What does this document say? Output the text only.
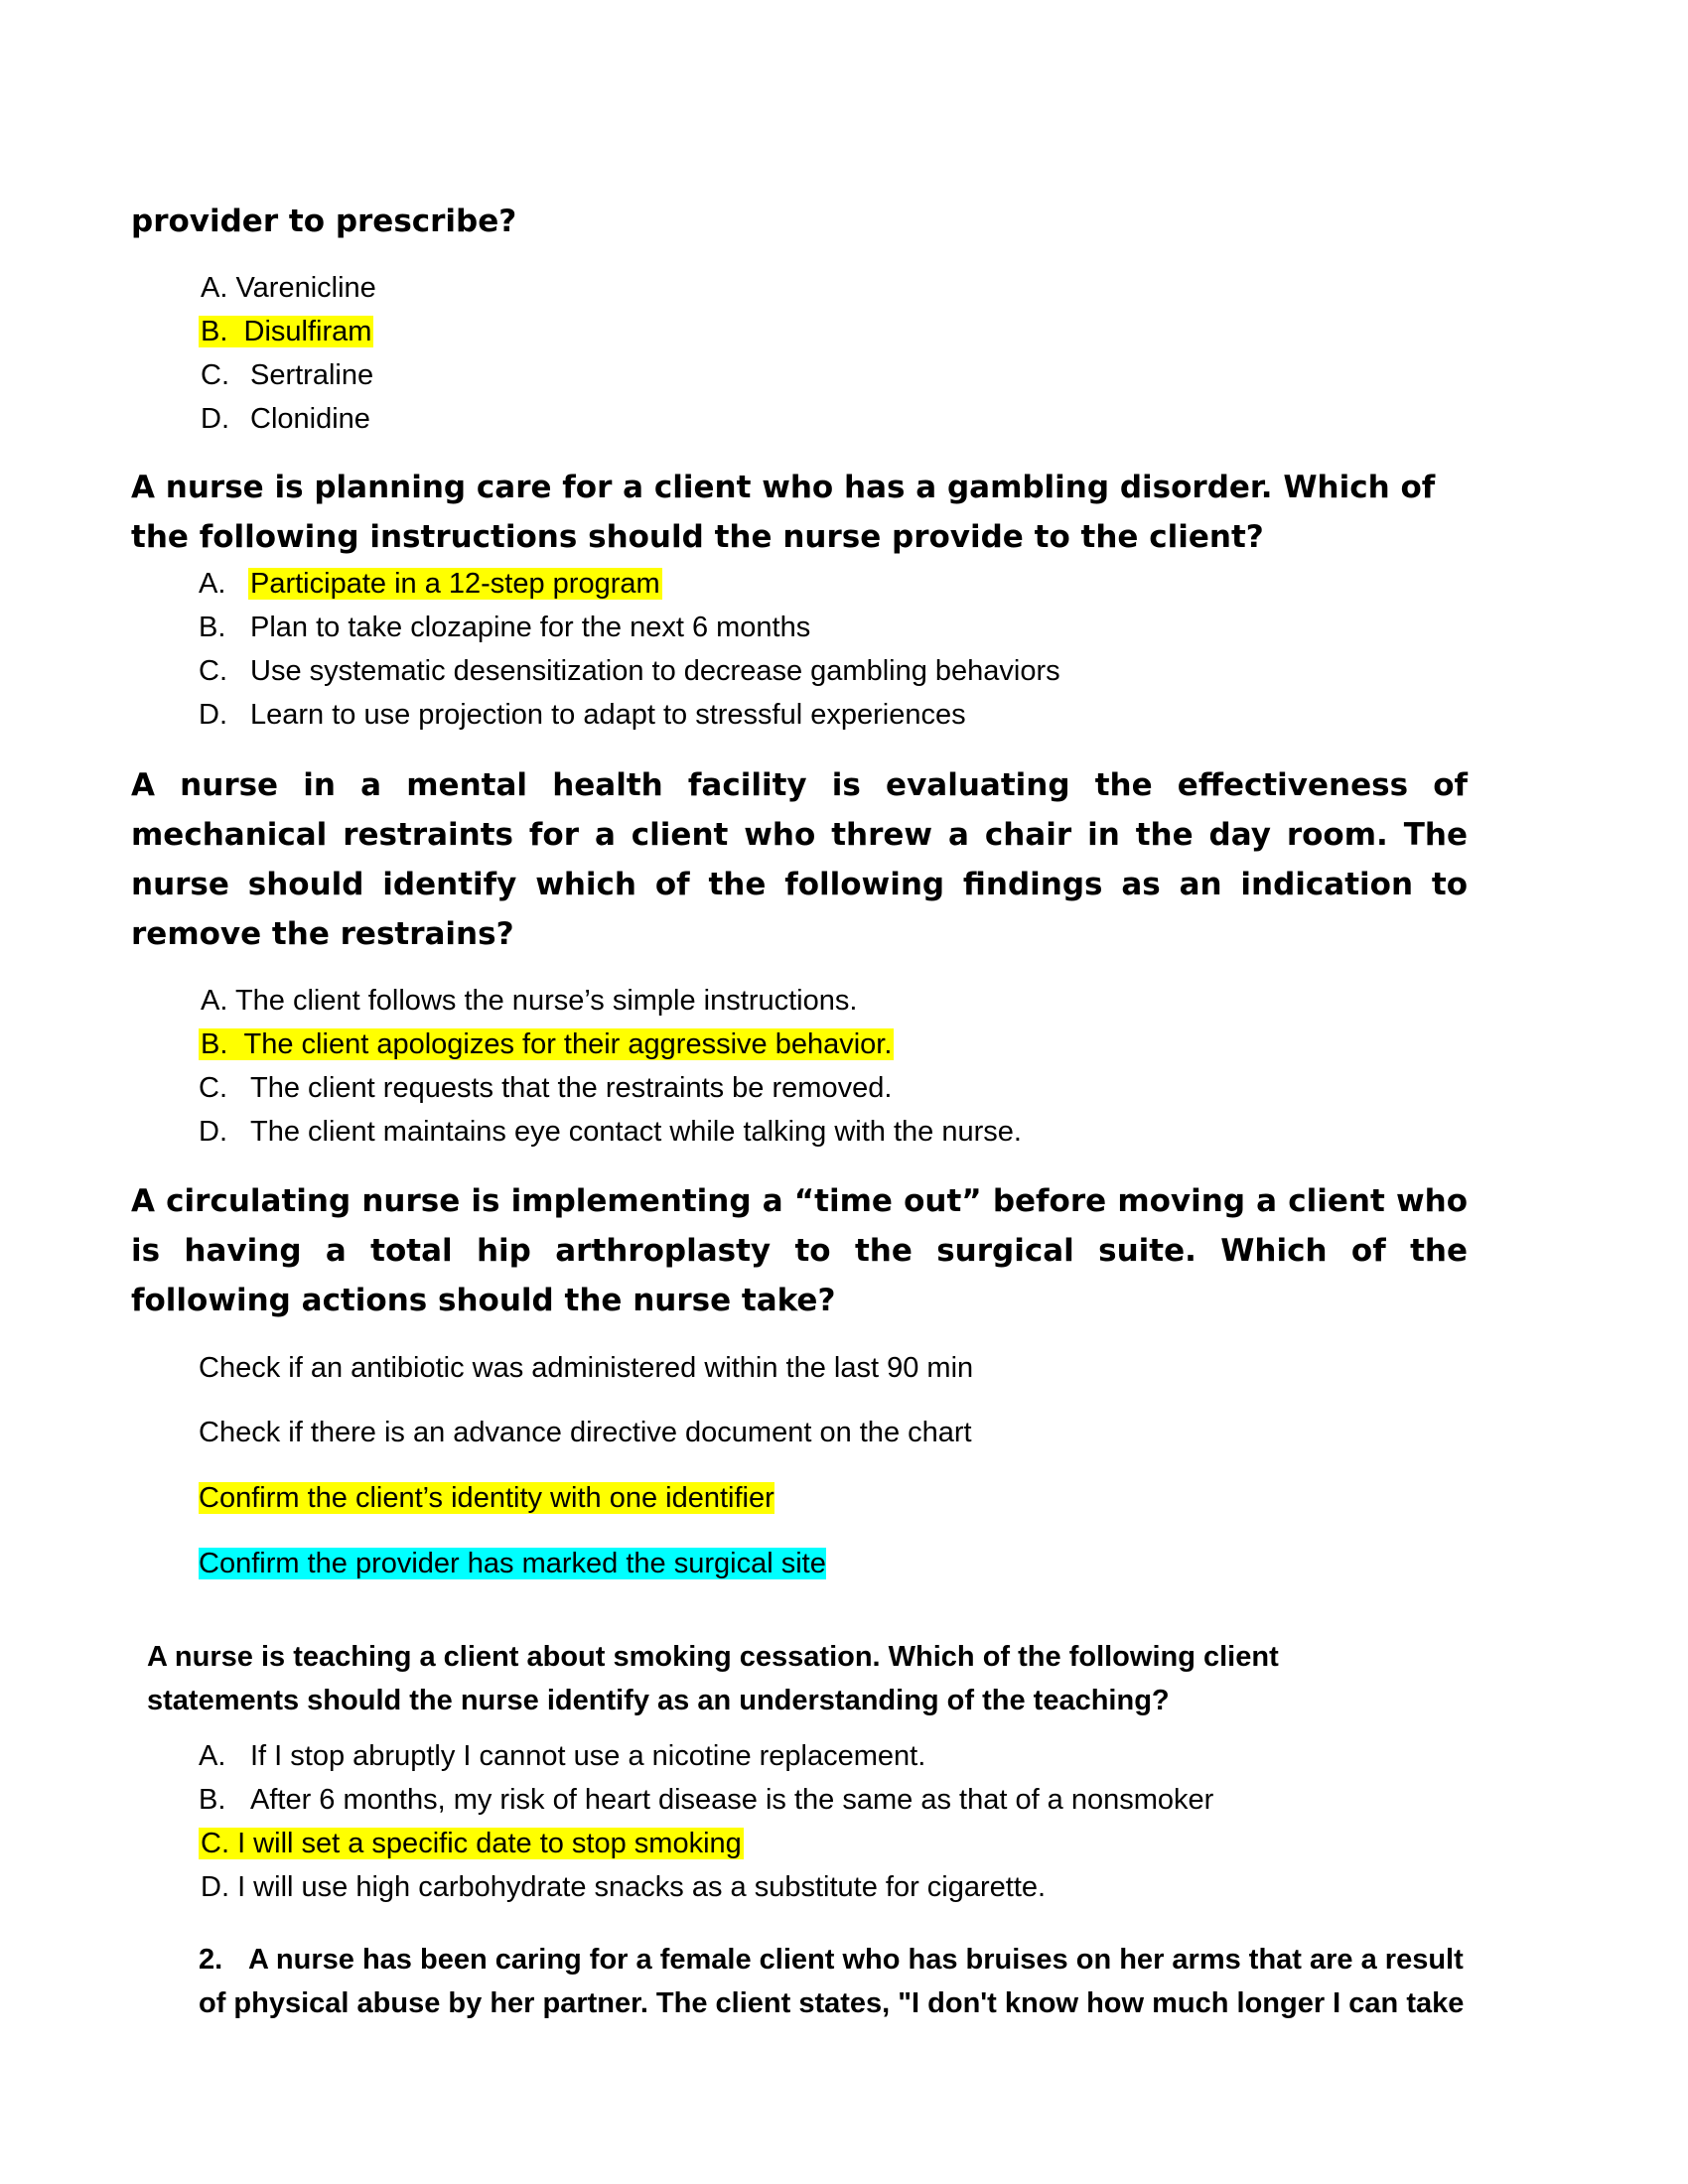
provider to prescribe?

A. Varenicline
B. Disulfiram
C. Sertraline
D. Clonidine

A nurse is planning care for a client who has a gambling disorder. Which of the following instructions should the nurse provide to the client?

A. Participate in a 12-step program
B. Plan to take clozapine for the next 6 months
C. Use systematic desensitization to decrease gambling behaviors
D. Learn to use projection to adapt to stressful experiences

A nurse in a mental health facility is evaluating the effectiveness of mechanical restraints for a client who threw a chair in the day room. The nurse should identify which of the following findings as an indication to remove the restrains?

A. The client follows the nurse’s simple instructions.
B. The client apologizes for their aggressive behavior.
C. The client requests that the restraints be removed.
D. The client maintains eye contact while talking with the nurse.

A circulating nurse is implementing a “time out” before moving a client who is having a total hip arthroplasty to the surgical suite. Which of the following actions should the nurse take?

Check if an antibiotic was administered within the last 90 min

Check if there is an advance directive document on the chart

Confirm the client’s identity with one identifier

Confirm the provider has marked the surgical site

A nurse is teaching a client about smoking cessation. Which of the following client statements should the nurse identify as an understanding of the teaching?

A. If I stop abruptly I cannot use a nicotine replacement.
B. After 6 months, my risk of heart disease is the same as that of a nonsmoker
C. I will set a specific date to stop smoking
D. I will use high carbohydrate snacks as a substitute for cigarette.

2. A nurse has been caring for a female client who has bruises on her arms that are a result of physical abuse by her partner. The client states, "I don't know how much longer I can take
